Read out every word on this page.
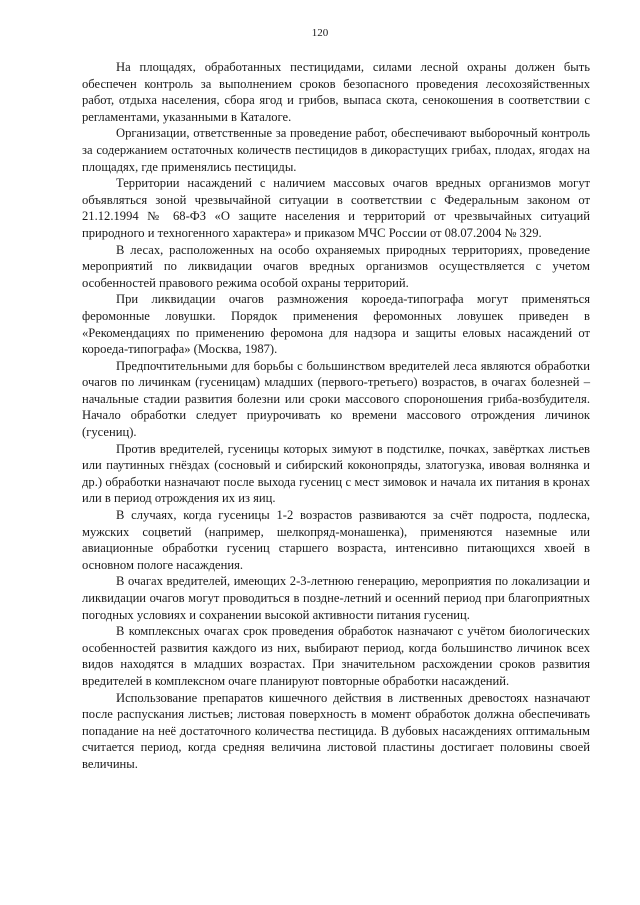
120

На площадях, обработанных пестицидами, силами лесной охраны должен быть обеспечен контроль за выполнением сроков безопасного проведения лесохозяйственных работ, отдыха населения, сбора ягод и грибов, выпаса скота, сенокошения в соответствии с регламентами, указанными в Каталоге.

Организации, ответственные за проведение работ, обеспечивают выборочный контроль за содержанием остаточных количеств пестицидов в дикорастущих грибах, плодах, ягодах на площадях, где применялись пестициды.

Территории насаждений с наличием массовых очагов вредных организмов могут объявляться зоной чрезвычайной ситуации в соответствии с Федеральным законом от 21.12.1994 № 68-ФЗ «О защите населения и территорий от чрезвычайных ситуаций природного и техногенного характера» и приказом МЧС России от 08.07.2004 № 329.

В лесах, расположенных на особо охраняемых природных территориях, проведение мероприятий по ликвидации очагов вредных организмов осуществляется с учетом особенностей правового режима особой охраны территорий.

При ликвидации очагов размножения короеда-типографа могут применяться феромонные ловушки. Порядок применения феромонных ловушек приведен в «Рекомендациях по применению феромона для надзора и защиты еловых насаждений от короеда-типографа» (Москва, 1987).

Предпочтительными для борьбы с большинством вредителей леса являются обработки очагов по личинкам (гусеницам) младших (первого-третьего) возрастов, в очагах болезней – начальные стадии развития болезни или сроки массового спороношения гриба-возбудителя. Начало обработки следует приурочивать ко времени массового отрождения личинок (гусениц).

Против вредителей, гусеницы которых зимуют в подстилке, почках, завёртках листьев или паутинных гнёздах (сосновый и сибирский коконопряды, златогузка, ивовая волнянка и др.) обработки назначают после выхода гусениц с мест зимовок и начала их питания в кронах или в период отрождения их из яиц.

В случаях, когда гусеницы 1-2 возрастов развиваются за счёт подроста, подлеска, мужских соцветий (например, шелкопряд-монашенка), применяются наземные или авиационные обработки гусениц старшего возраста, интенсивно питающихся хвоей в основном пологе насаждения.

В очагах вредителей, имеющих 2-3-летнюю генерацию, мероприятия по локализации и ликвидации очагов могут проводиться в поздне-летний и осенний период при благоприятных погодных условиях и сохранении высокой активности питания гусениц.

В комплексных очагах срок проведения обработок назначают с учётом биологических особенностей развития каждого из них, выбирают период, когда большинство личинок всех видов находятся в младших возрастах. При значительном расхождении сроков развития вредителей в комплексном очаге планируют повторные обработки насаждений.

Использование препаратов кишечного действия в лиственных древостоях назначают после распускания листьев; листовая поверхность в момент обработок должна обеспечивать попадание на неё достаточного количества пестицида. В дубовых насаждениях оптимальным считается период, когда средняя величина листовой пластины достигает половины своей величины.
